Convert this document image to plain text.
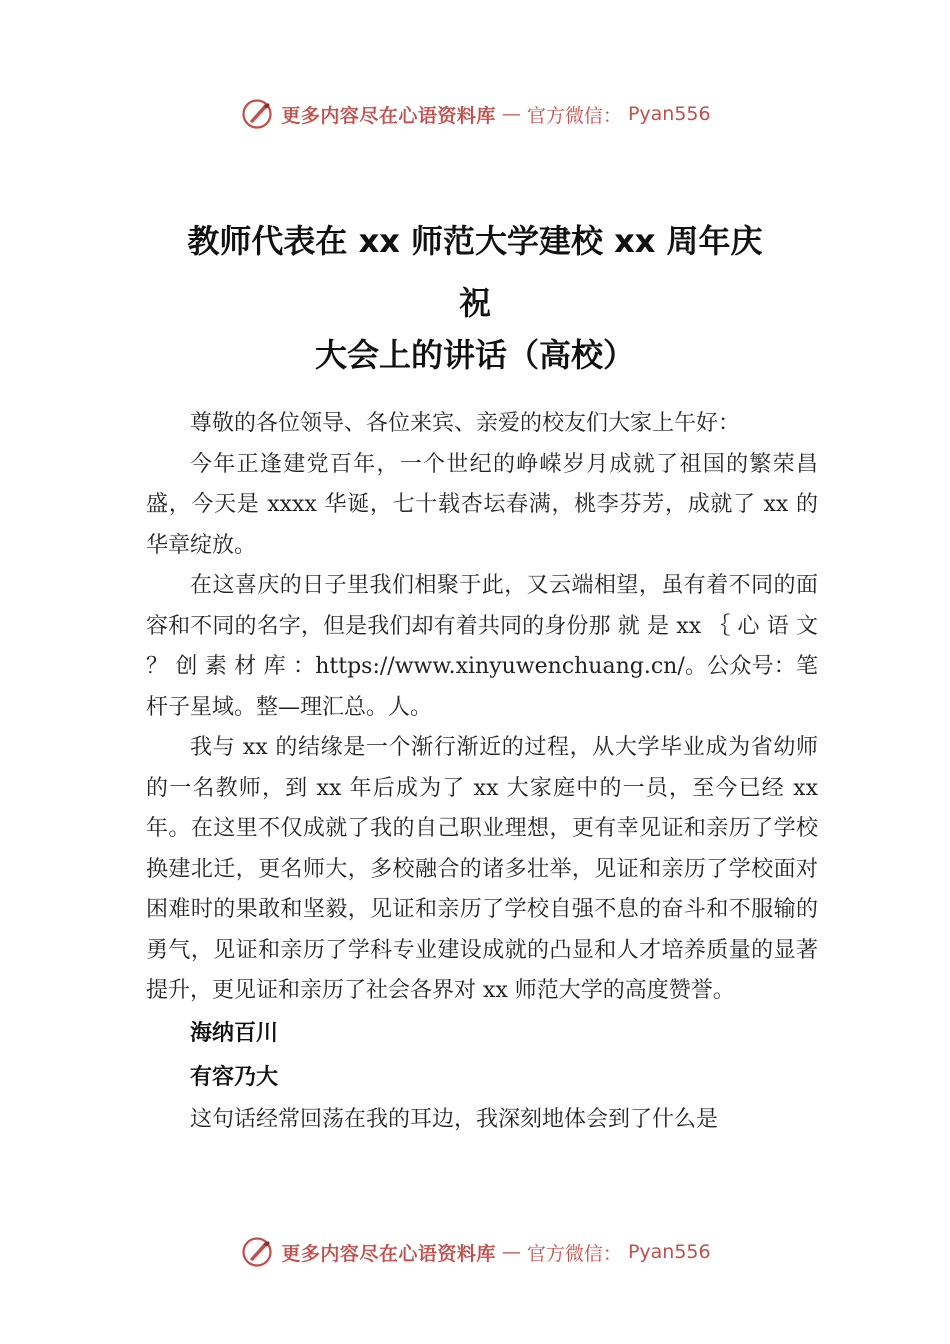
更多内容尽在心语资料库 — 官方微信： Pyan556
教师代表在 xx 师范大学建校 xx 周年庆
祝
大会上的讲话（高校）

尊敬的各位领导、各位来宾、亲爱的校友们大家上午好：

今年正逢建党百年，一个世纪的峥嵘岁月成就了祖国的繁荣昌盛，今天是 xxxx 华诞，七十载杏坛春满，桃李芬芳，成就了 xx 的华章绽放。

在这喜庆的日子里我们相聚于此，又云端相望，虽有着不同的面容和不同的名字，但是我们却有着共同的身份那 就 是 xx ｛ 心 语 文 ？ 创 素 材 库 ：https://www.xinyuwenchuang.cn/。公众号：笔杆子星域。整—理汇总。人。

我与 xx 的结缘是一个渐行渐近的过程，从大学毕业成为省幼师的一名教师，到 xx 年后成为了 xx 大家庭中的一员，至今已经 xx 年。在这里不仅成就了我的自己职业理想，更有幸见证和亲历了学校换建北迁，更名师大，多校融合的诸多壮举，见证和亲历了学校面对困难时的果敢和坚毅，见证和亲历了学校自强不息的奋斗和不服输的勇气，见证和亲历了学科专业建设成就的凸显和人才培养质量的显著提升，更见证和亲历了社会各界对 xx 师范大学的高度赞誉。

海纳百川
有容乃大

这句话经常回荡在我的耳边，我深刻地体会到了什么是

更多内容尽在心语资料库 — 官方微信： Pyan556
